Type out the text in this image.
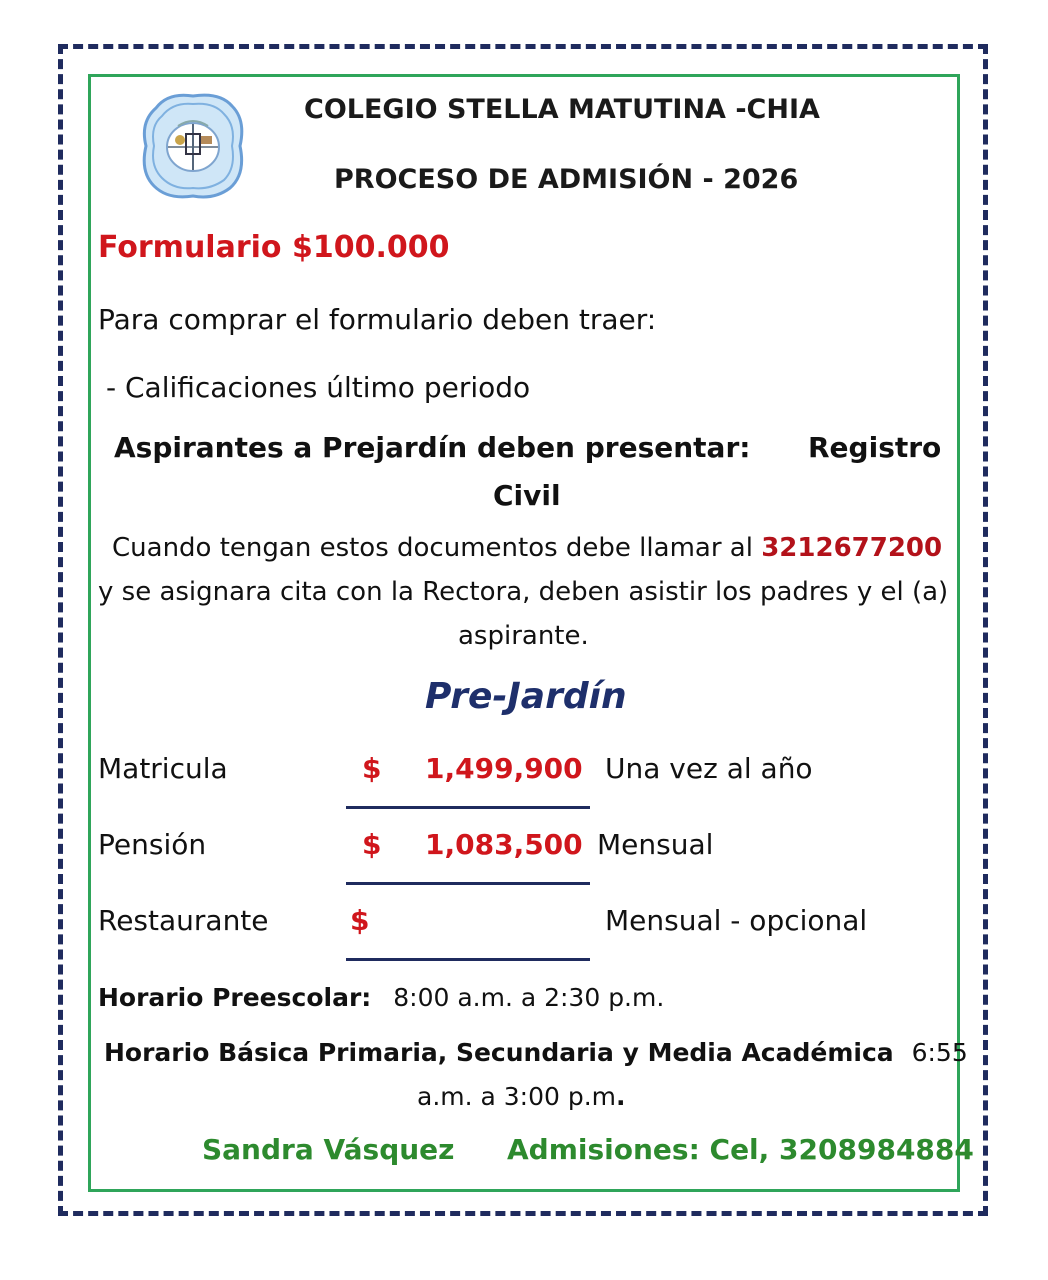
COLEGIO STELLA MATUTINA -CHIA
PROCESO DE ADMISIÓN - 2026
Formulario $100.000
Para comprar el formulario deben traer:
- Calificaciones último periodo
Aspirantes a Prejardín deben presentar: Registro
Civil
Cuando tengan estos documentos debe llamar al 3212677200
y se asignara cita con la Rectora, deben asistir los padres y el (a)
aspirante.
Pre-Jardín
Matricula	$ 1,499,900 Una vez al año
Pensión	$ 1,083,500 Mensual
Restaurante	$	Mensual - opcional
Horario Preescolar: 8:00 a.m. a 2:30 p.m.
Horario Básica Primaria, Secundaria y Media Académica 6:55
a.m. a 3:00 p.m.
Sandra Vásquez Admisiones: Cel, 3208984884
